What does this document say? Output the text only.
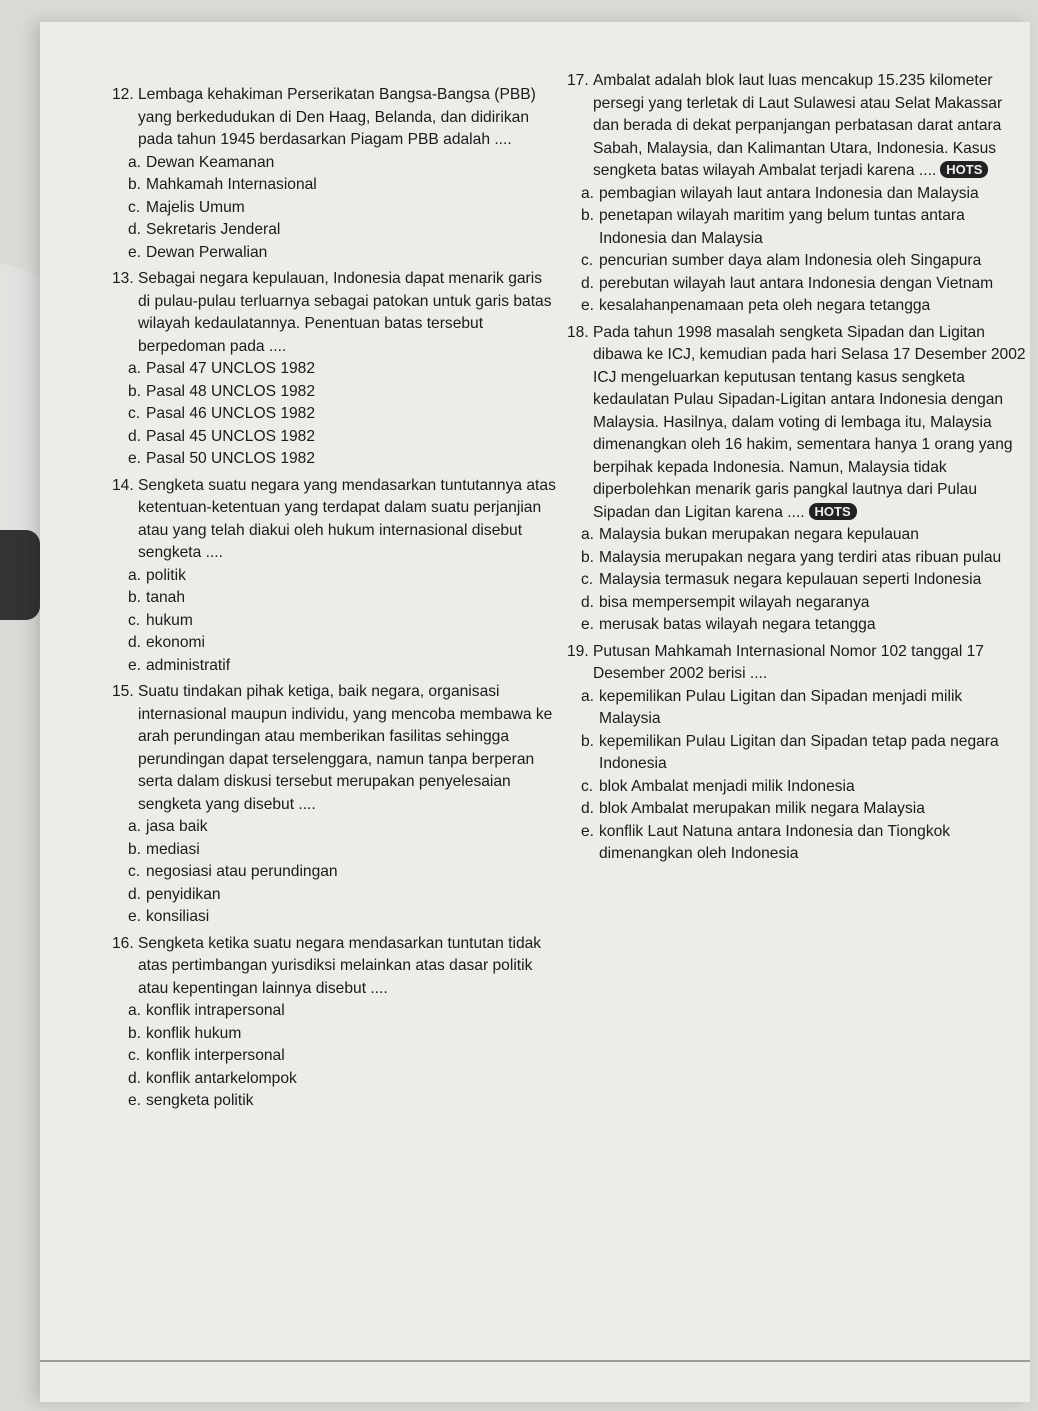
12. Lembaga kehakiman Perserikatan Bangsa-Bangsa (PBB) yang berkedudukan di Den Haag, Belanda, dan didirikan pada tahun 1945 berdasarkan Piagam PBB adalah ....
a. Dewan Keamanan
b. Mahkamah Internasional
c. Majelis Umum
d. Sekretaris Jenderal
e. Dewan Perwalian
13. Sebagai negara kepulauan, Indonesia dapat menarik garis di pulau-pulau terluarnya sebagai patokan untuk garis batas wilayah kedaulatannya. Penentuan batas tersebut berpedoman pada ....
a. Pasal 47 UNCLOS 1982
b. Pasal 48 UNCLOS 1982
c. Pasal 46 UNCLOS 1982
d. Pasal 45 UNCLOS 1982
e. Pasal 50 UNCLOS 1982
14. Sengketa suatu negara yang mendasarkan tuntutannya atas ketentuan-ketentuan yang terdapat dalam suatu perjanjian atau yang telah diakui oleh hukum internasional disebut sengketa ....
a. politik
b. tanah
c. hukum
d. ekonomi
e. administratif
15. Suatu tindakan pihak ketiga, baik negara, organisasi internasional maupun individu, yang mencoba membawa ke arah perundingan atau memberikan fasilitas sehingga perundingan dapat terselenggara, namun tanpa berperan serta dalam diskusi tersebut merupakan penyelesaian sengketa yang disebut ....
a. jasa baik
b. mediasi
c. negosiasi atau perundingan
d. penyidikan
e. konsiliasi
16. Sengketa ketika suatu negara mendasarkan tuntutan tidak atas pertimbangan yurisdiksi melainkan atas dasar politik atau kepentingan lainnya disebut ....
a. konflik intrapersonal
b. konflik hukum
c. konflik interpersonal
d. konflik antarkelompok
e. sengketa politik
17. Ambalat adalah blok laut luas mencakup 15.235 kilometer persegi yang terletak di Laut Sulawesi atau Selat Makassar dan berada di dekat perpanjangan perbatasan darat antara Sabah, Malaysia, dan Kalimantan Utara, Indonesia. Kasus sengketa batas wilayah Ambalat terjadi karena .... HOTS
a. pembagian wilayah laut antara Indonesia dan Malaysia
b. penetapan wilayah maritim yang belum tuntas antara Indonesia dan Malaysia
c. pencurian sumber daya alam Indonesia oleh Singapura
d. perebutan wilayah laut antara Indonesia dengan Vietnam
e. kesalahanpenamaan peta oleh negara tetangga
18. Pada tahun 1998 masalah sengketa Sipadan dan Ligitan dibawa ke ICJ, kemudian pada hari Selasa 17 Desember 2002 ICJ mengeluarkan keputusan tentang kasus sengketa kedaulatan Pulau Sipadan-Ligitan antara Indonesia dengan Malaysia. Hasilnya, dalam voting di lembaga itu, Malaysia dimenangkan oleh 16 hakim, sementara hanya 1 orang yang berpihak kepada Indonesia. Namun, Malaysia tidak diperbolehkan menarik garis pangkal lautnya dari Pulau Sipadan dan Ligitan karena .... HOTS
a. Malaysia bukan merupakan negara kepulauan
b. Malaysia merupakan negara yang terdiri atas ribuan pulau
c. Malaysia termasuk negara kepulauan seperti Indonesia
d. bisa mempersempit wilayah negaranya
e. merusak batas wilayah negara tetangga
19. Putusan Mahkamah Internasional Nomor 102 tanggal 17 Desember 2002 berisi ....
a. kepemilikan Pulau Ligitan dan Sipadan menjadi milik Malaysia
b. kepemilikan Pulau Ligitan dan Sipadan tetap pada negara Indonesia
c. blok Ambalat menjadi milik Indonesia
d. blok Ambalat merupakan milik negara Malaysia
e. konflik Laut Natuna antara Indonesia dan Tiongkok dimenangkan oleh Indonesia
